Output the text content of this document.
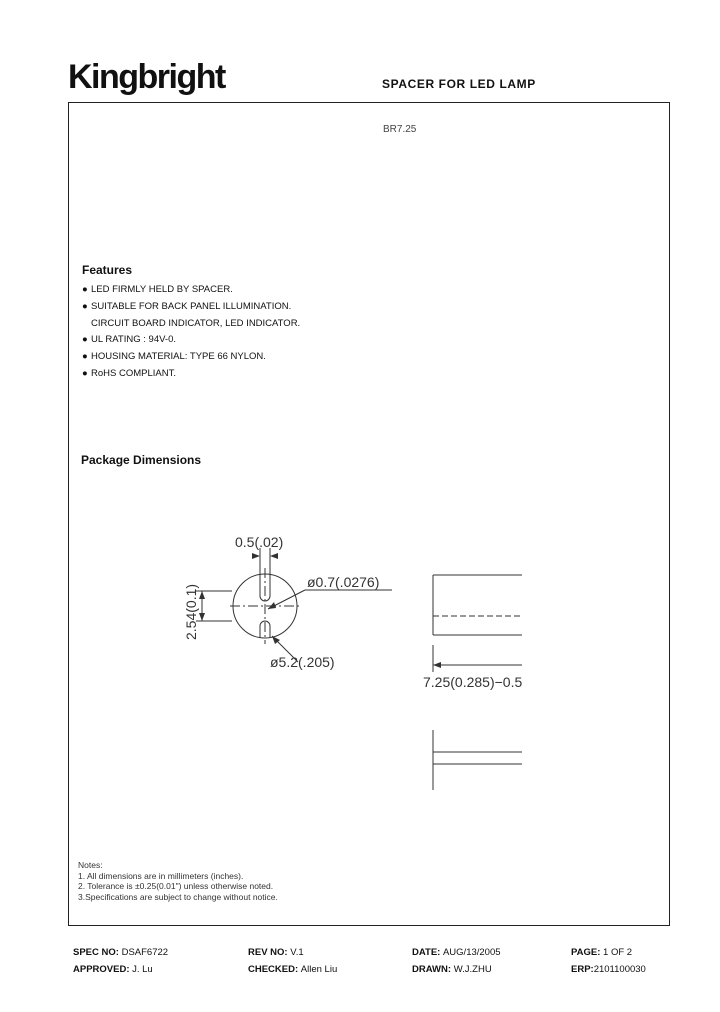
Kingbright	SPACER FOR LED LAMP
BR7.25
Features
● LED FIRMLY HELD BY SPACER.
● SUITABLE FOR BACK PANEL ILLUMINATION.
CIRCUIT BOARD INDICATOR, LED INDICATOR.
● UL RATING : 94V-0.
● HOUSING MATERIAL: TYPE 66 NYLON.
● RoHS COMPLIANT.
Package Dimensions
0.5(.02)
ø0.7(.0276)
2.54(0.1)
ø5.2(.205)
7.25(0.285)−0.5
Notes:
1. All dimensions are in millimeters (inches).
2. Tolerance is ±0.25(0.01") unless otherwise noted.
3.Specifications are subject to change without notice.
SPEC NO: DSAF6722	REV NO: V.1	DATE: AUG/13/2005	PAGE: 1 OF 2
APPROVED: J. Lu	CHECKED: Allen Liu	DRAWN: W.J.ZHU	ERP:2101100030
